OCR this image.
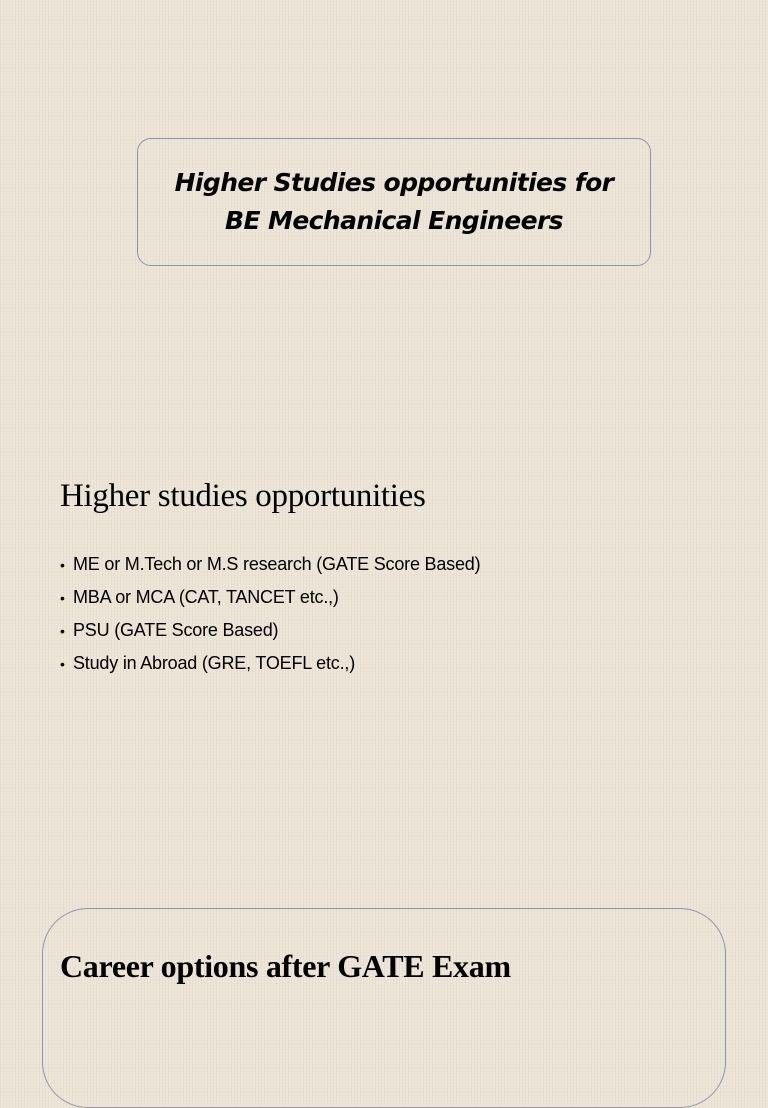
Higher Studies opportunities for
BE Mechanical Engineers
Higher studies opportunities
• ME or M.Tech or M.S research (GATE Score Based)
• MBA or MCA (CAT, TANCET etc.,)
• PSU (GATE Score Based)
• Study in Abroad (GRE, TOEFL etc.,)
Career options after GATE Exam
